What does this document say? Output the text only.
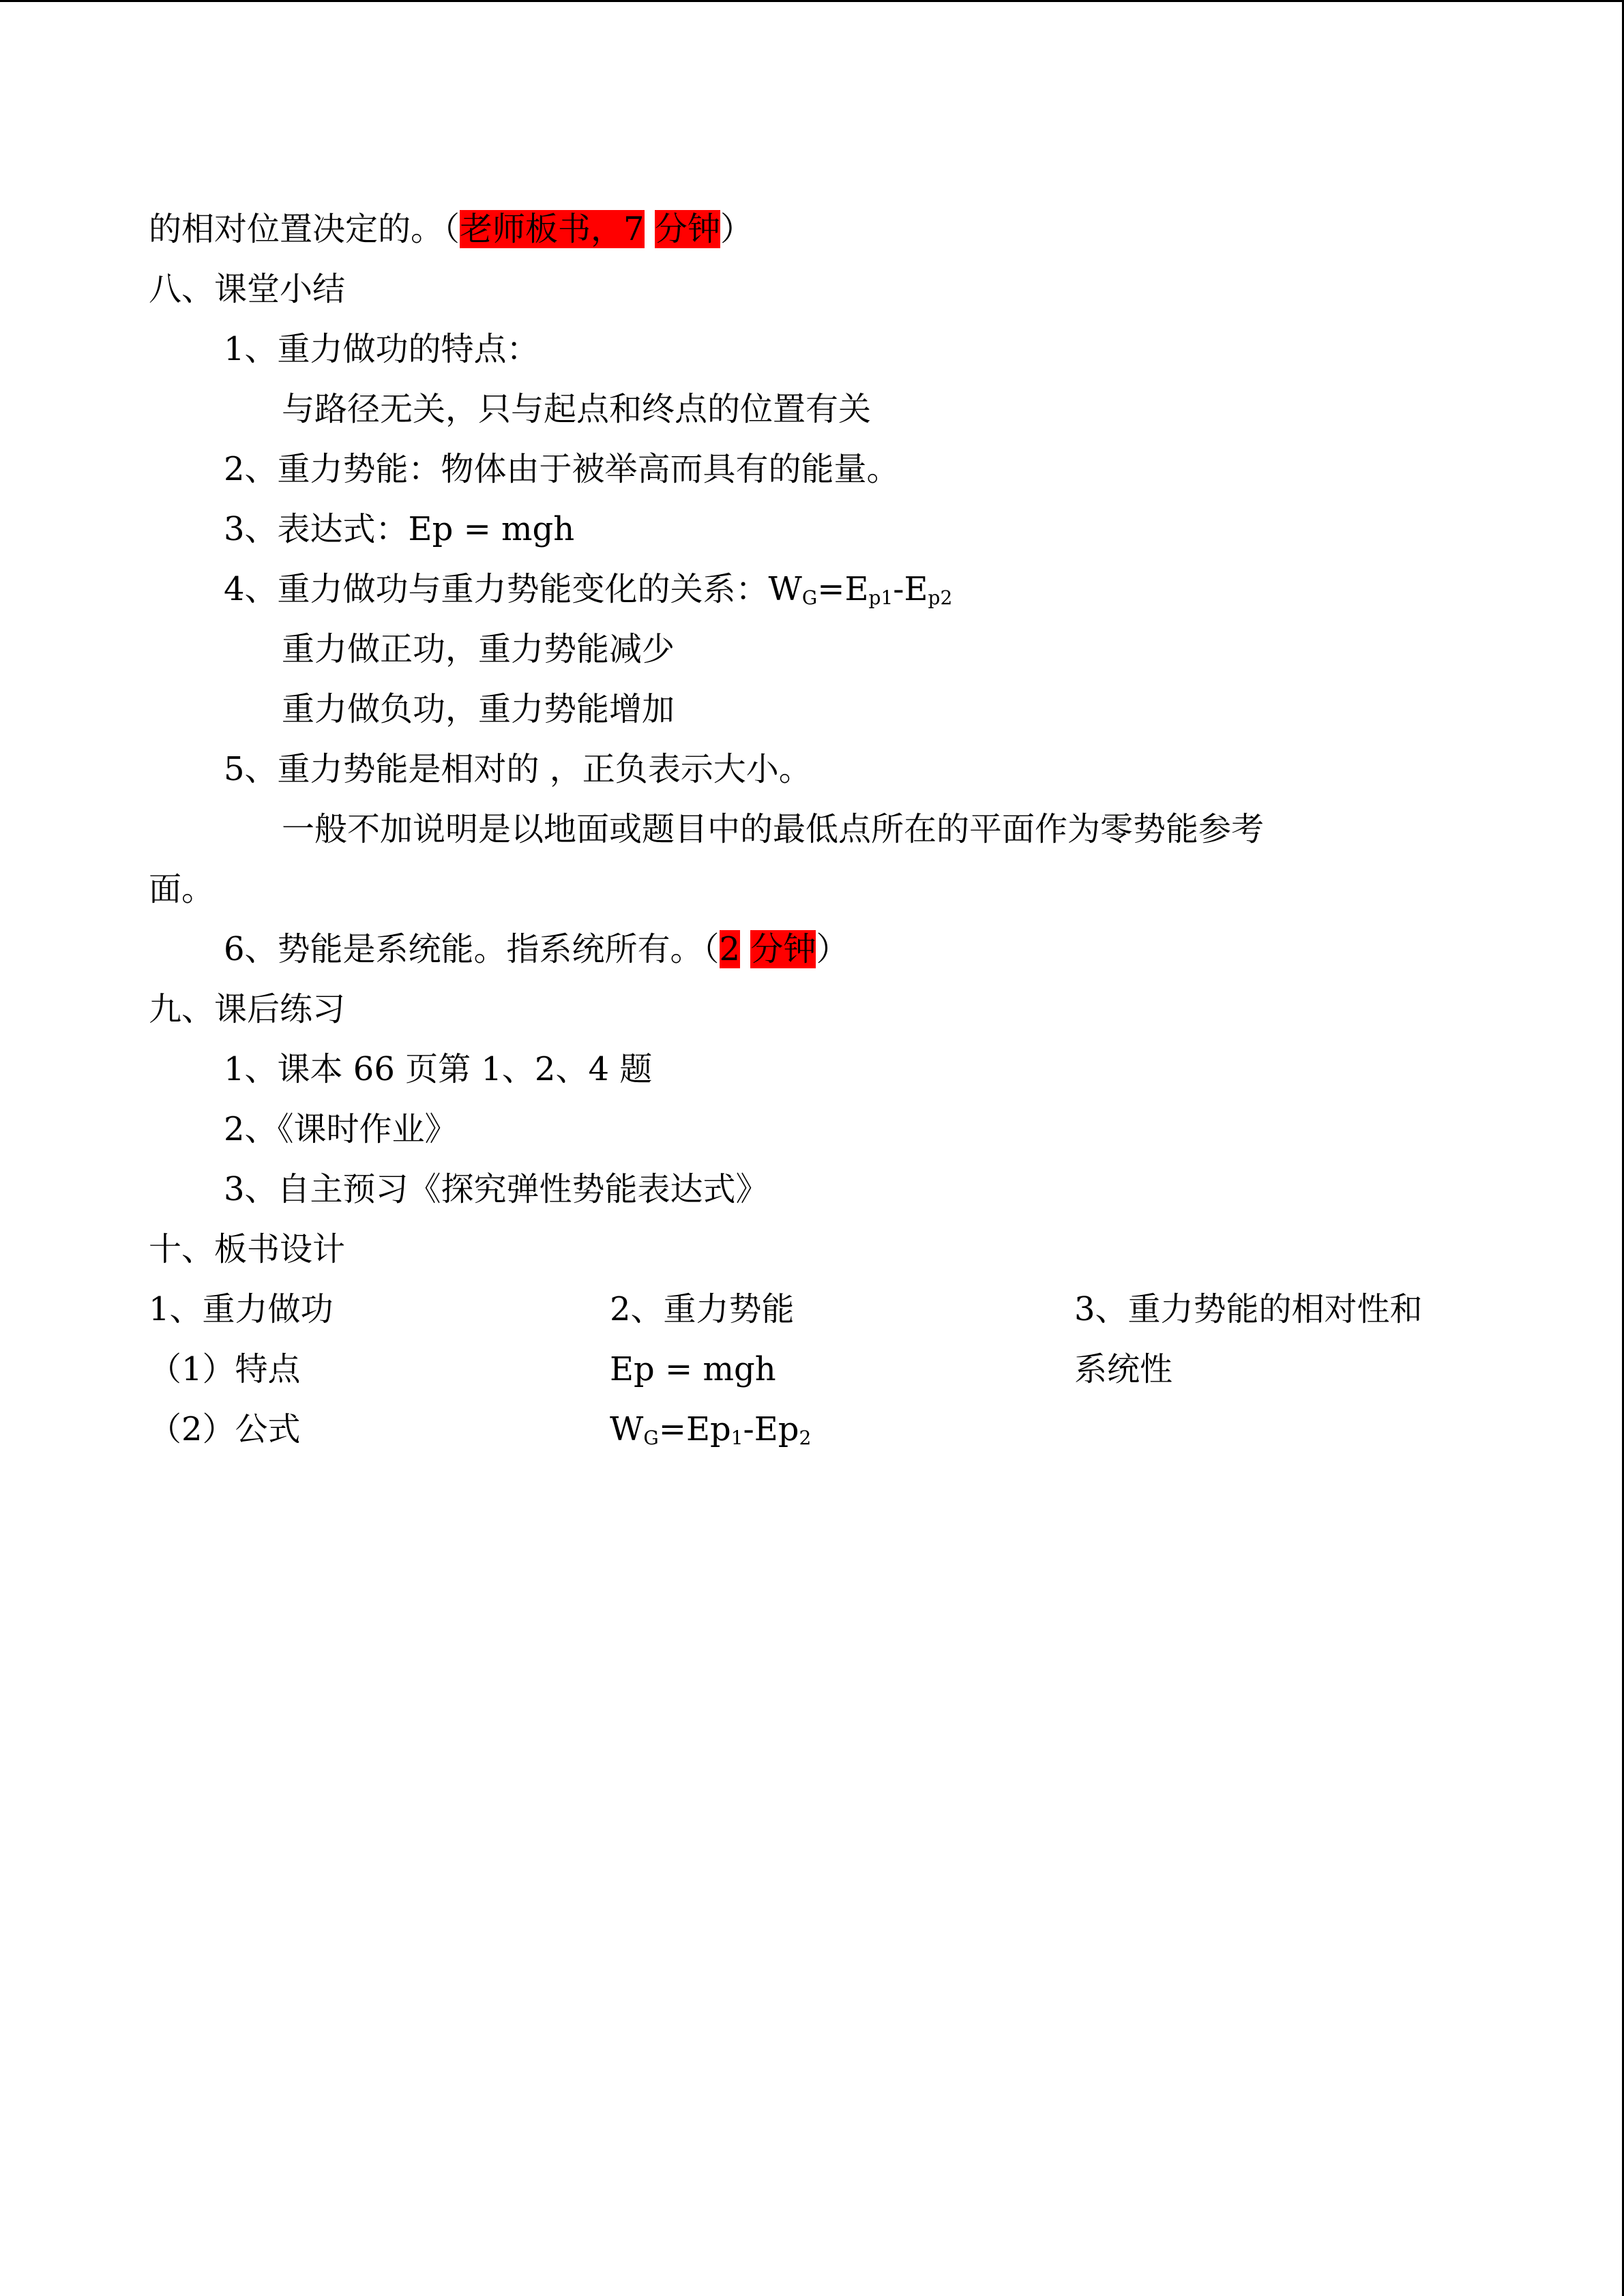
的相对位置决定的。（老师板书，7 分钟）
八、课堂小结
1、重力做功的特点：
与路径无关，只与起点和终点的位置有关
2、重力势能：物体由于被举高而具有的能量。
3、表达式：Ep = mgh
4、重力做功与重力势能变化的关系：$W_G=E_{p1}-E_{p2}$
重力做正功，重力势能减少
重力做负功，重力势能增加
5、重力势能是相对的 ，正负表示大小。
一般不加说明是以地面或题目中的最低点所在的平面作为零势能参考
面。
6、势能是系统能。指系统所有。（2 分钟）
九、课后练习
1、课本 66 页第 1、2、4 题
2、《课时作业》
3、自主预习《探究弹性势能表达式》
十、板书设计
1、重力做功
（1）特点
（2）公式
2、重力势能
Ep = mgh
$W_G=Ep_1-Ep_2$
3、重力势能的相对性和
系统性
